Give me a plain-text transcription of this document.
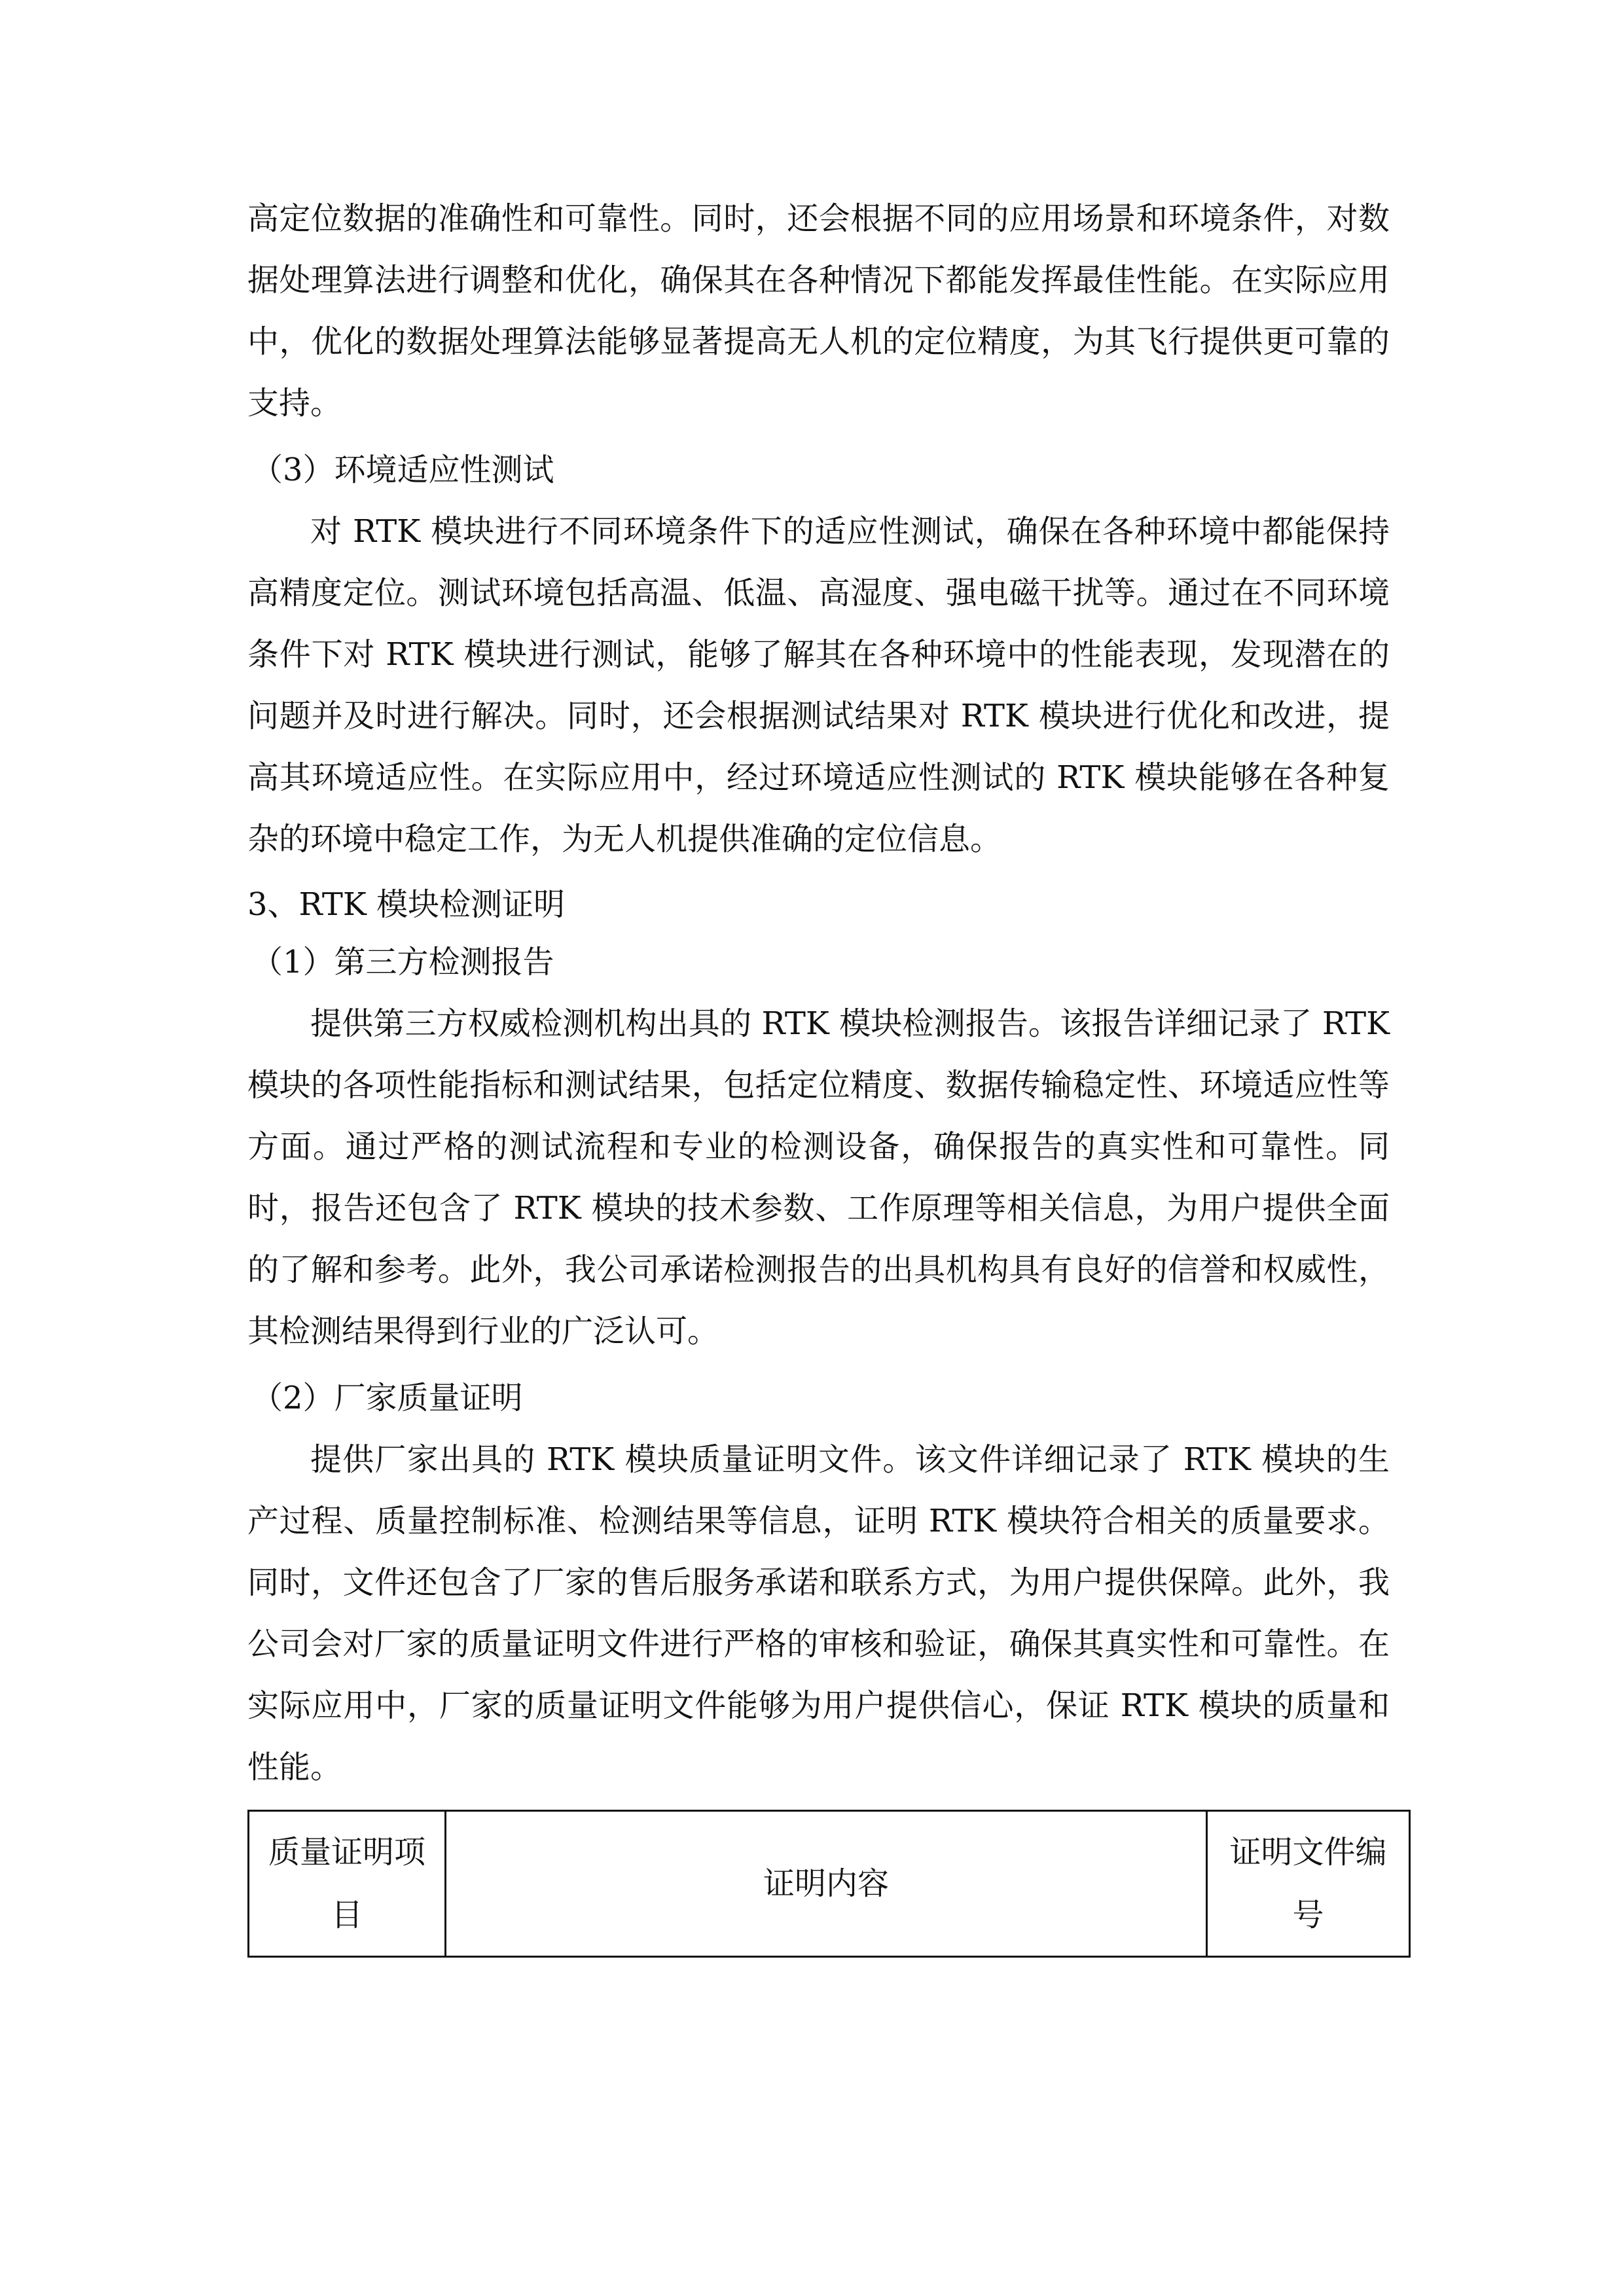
高定位数据的准确性和可靠性。同时，还会根据不同的应用场景和环境条件，对数据处理算法进行调整和优化，确保其在各种情况下都能发挥最佳性能。在实际应用中，优化的数据处理算法能够显著提高无人机的定位精度，为其飞行提供更可靠的支持。

（3）环境适应性测试

对 RTK 模块进行不同环境条件下的适应性测试，确保在各种环境中都能保持高精度定位。测试环境包括高温、低温、高湿度、强电磁干扰等。通过在不同环境条件下对 RTK 模块进行测试，能够了解其在各种环境中的性能表现，发现潜在的问题并及时进行解决。同时，还会根据测试结果对 RTK 模块进行优化和改进，提高其环境适应性。在实际应用中，经过环境适应性测试的 RTK 模块能够在各种复杂的环境中稳定工作，为无人机提供准确的定位信息。

3、RTK 模块检测证明
（1）第三方检测报告

提供第三方权威检测机构出具的 RTK 模块检测报告。该报告详细记录了 RTK 模块的各项性能指标和测试结果，包括定位精度、数据传输稳定性、环境适应性等方面。通过严格的测试流程和专业的检测设备，确保报告的真实性和可靠性。同时，报告还包含了 RTK 模块的技术参数、工作原理等相关信息，为用户提供全面的了解和参考。此外，我公司承诺检测报告的出具机构具有良好的信誉和权威性，其检测结果得到行业的广泛认可。

（2）厂家质量证明

提供厂家出具的 RTK 模块质量证明文件。该文件详细记录了 RTK 模块的生产过程、质量控制标准、检测结果等信息，证明 RTK 模块符合相关的质量要求。同时，文件还包含了厂家的售后服务承诺和联系方式，为用户提供保障。此外，我公司会对厂家的质量证明文件进行严格的审核和验证，确保其真实性和可靠性。在实际应用中，厂家的质量证明文件能够为用户提供信心，保证 RTK 模块的质量和性能。

质量证明项目	证明内容	证明文件编号
